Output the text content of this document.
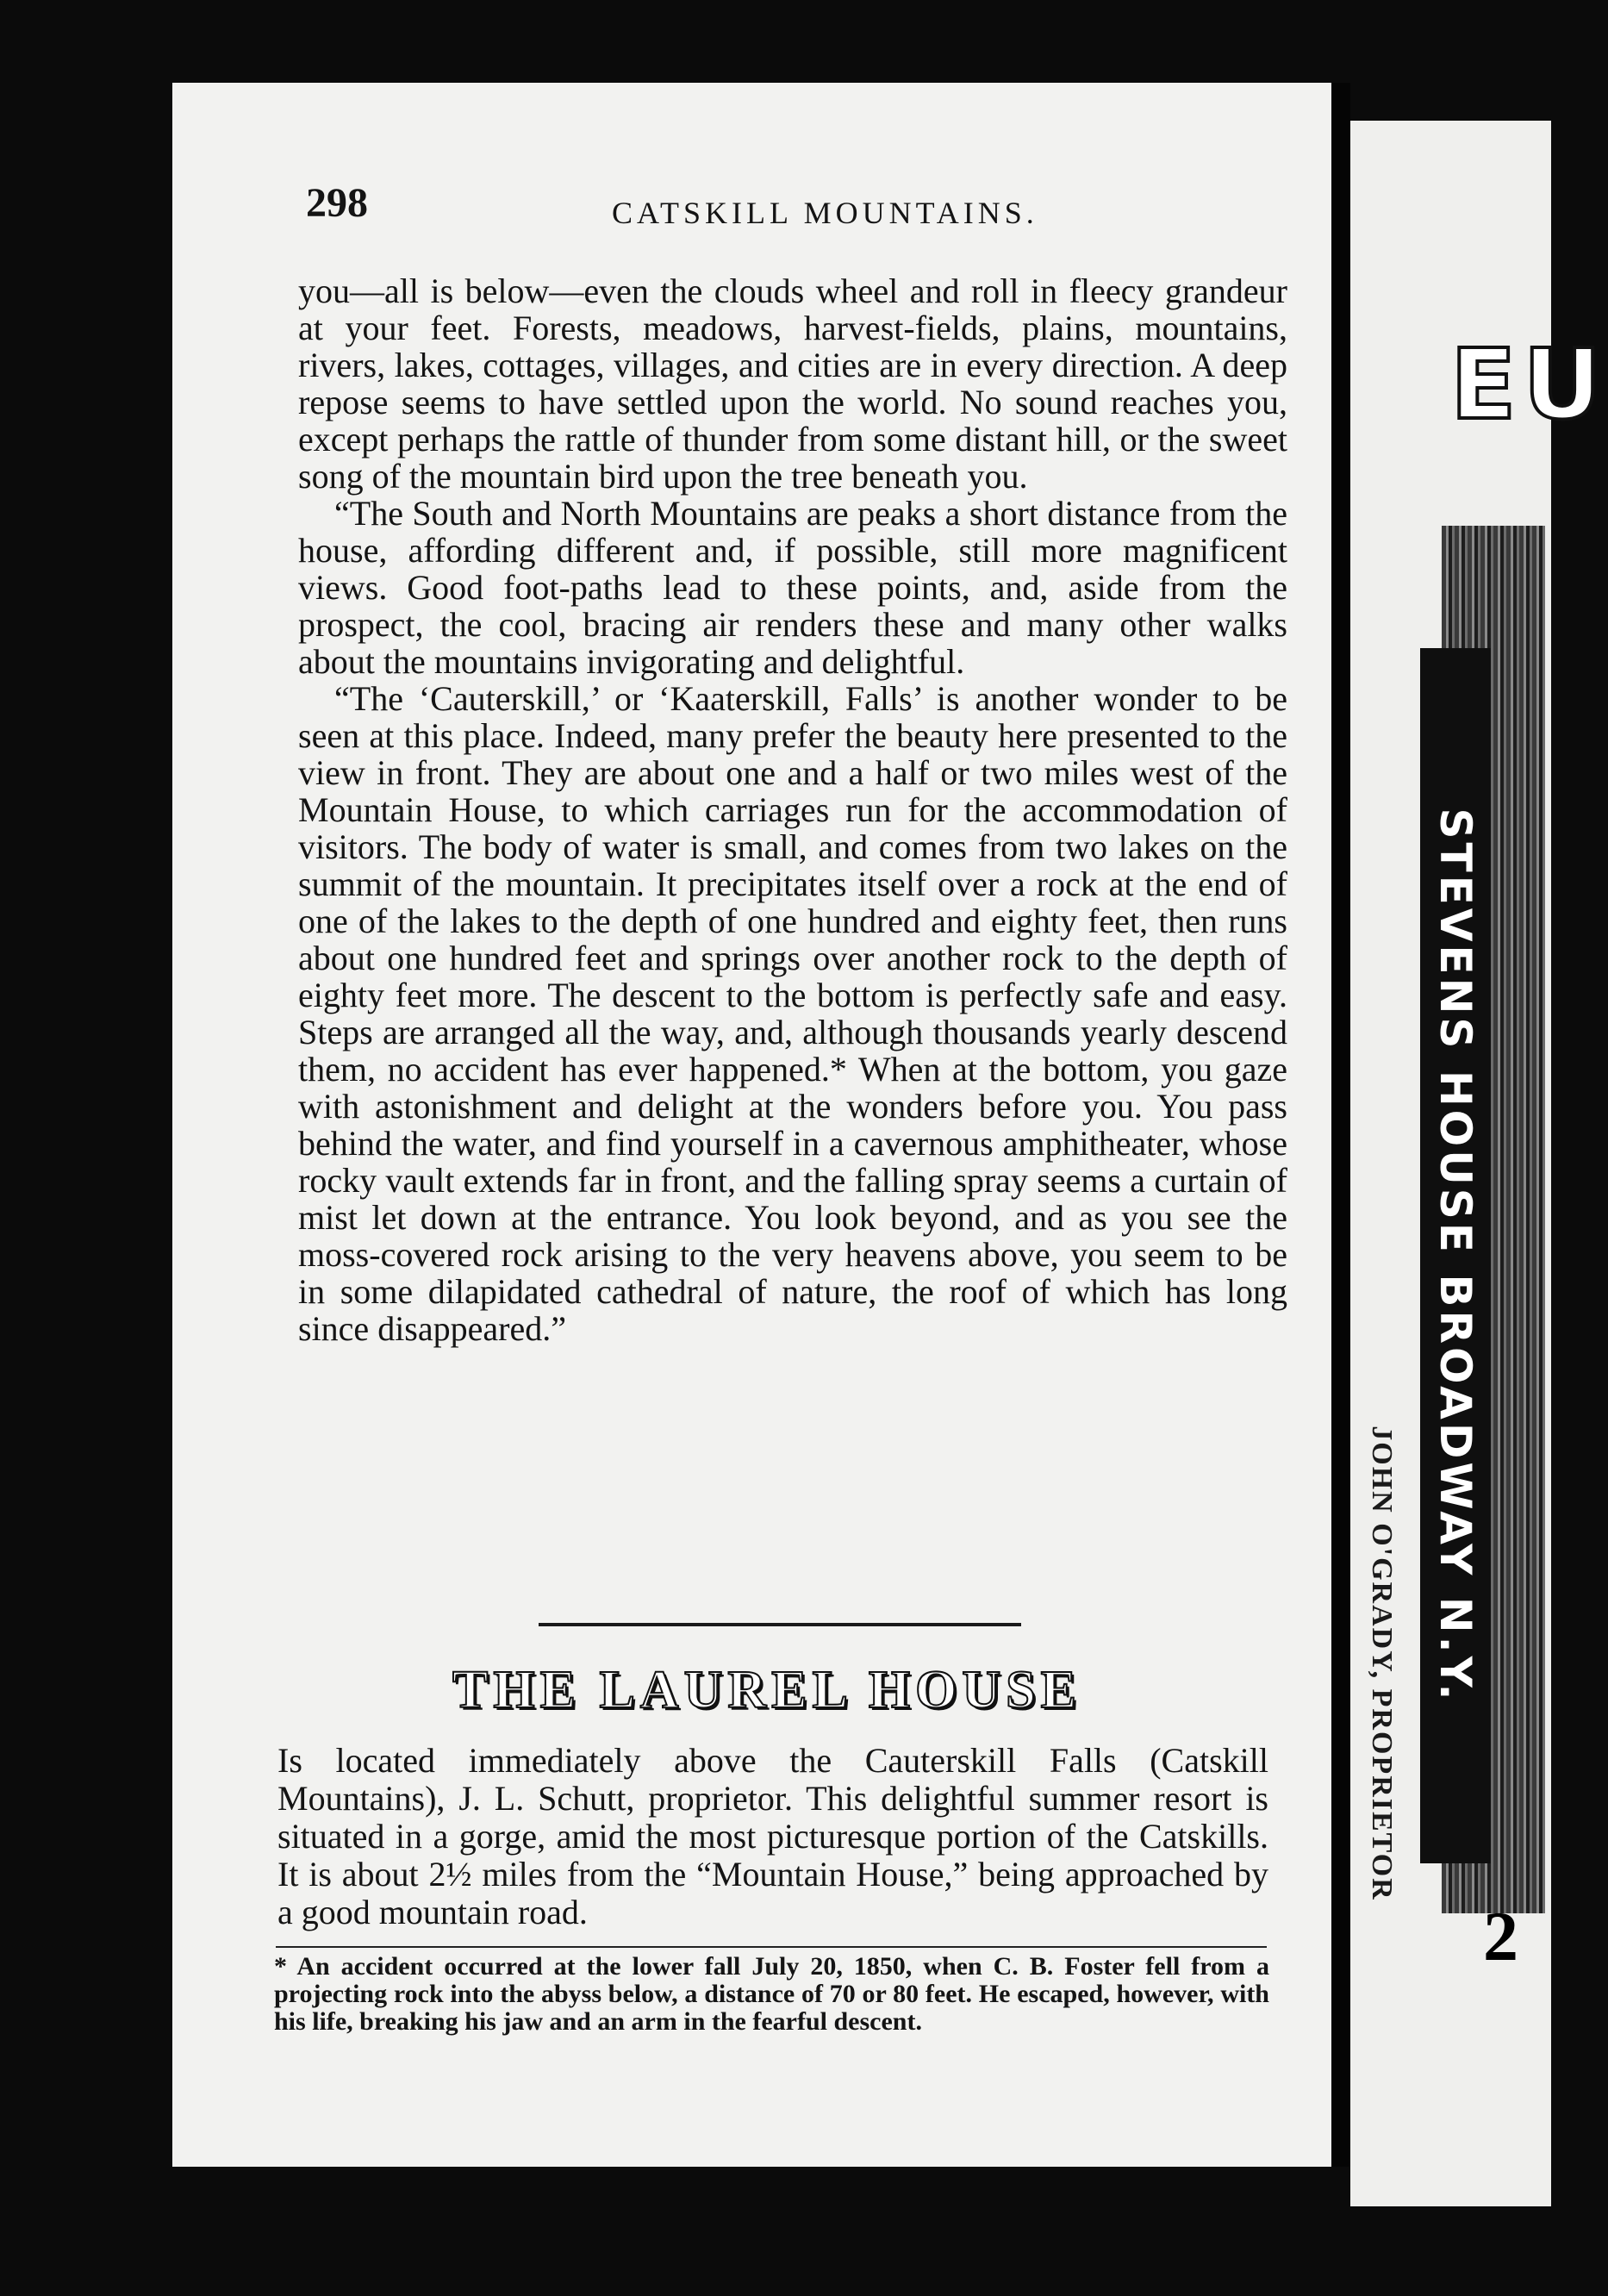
298	CATSKILL MOUNTAINS.

you—all is below—even the clouds wheel and roll in fleecy grandeur at your feet. Forests, meadows, harvest-fields, plains, mountains, rivers, lakes, cottages, villages, and cities are in every direction. A deep repose seems to have settled upon the world. No sound reaches you, except perhaps the rattle of thunder from some distant hill, or the sweet song of the mountain bird upon the tree beneath you.

“The South and North Mountains are peaks a short distance from the house, affording different and, if possible, still more magnificent views. Good foot-paths lead to these points, and, aside from the prospect, the cool, bracing air renders these and many other walks about the mountains invigorating and delightful.

“The ‘Cauterskill,’ or ‘Kaaterskill, Falls’ is another wonder to be seen at this place. Indeed, many prefer the beauty here presented to the view in front. They are about one and a half or two miles west of the Mountain House, to which carriages run for the accommodation of visitors. The body of water is small, and comes from two lakes on the summit of the mountain. It precipitates itself over a rock at the end of one of the lakes to the depth of one hundred and eighty feet, then runs about one hundred feet and springs over another rock to the depth of eighty feet more. The descent to the bottom is perfectly safe and easy. Steps are arranged all the way, and, although thousands yearly descend them, no accident has ever happened.* When at the bottom, you gaze with astonishment and delight at the wonders before you. You pass behind the water, and find yourself in a cavernous amphitheater, whose rocky vault extends far in front, and the falling spray seems a curtain of mist let down at the entrance. You look beyond, and as you see the moss-covered rock arising to the very heavens above, you seem to be in some dilapidated cathedral of nature, the roof of which has long since disappeared.”

THE LAUREL HOUSE
Is located immediately above the Cauterskill Falls (Catskill Mountains), J. L. Schutt, proprietor. This delightful summer resort is situated in a gorge, amid the most picturesque portion of the Catskills. It is about 2½ miles from the “Mountain House,” being approached by a good mountain road.
* An accident occurred at the lower fall July 20, 1850, when C. B. Foster fell from a projecting rock into the abyss below, a distance of 70 or 80 feet. He escaped, however, with his life, breaking his jaw and an arm in the fearful descent.
EU
STEVENS HOUSE BROADWAY N.Y.
JOHN O'GRADY, PROPRIETOR
2
